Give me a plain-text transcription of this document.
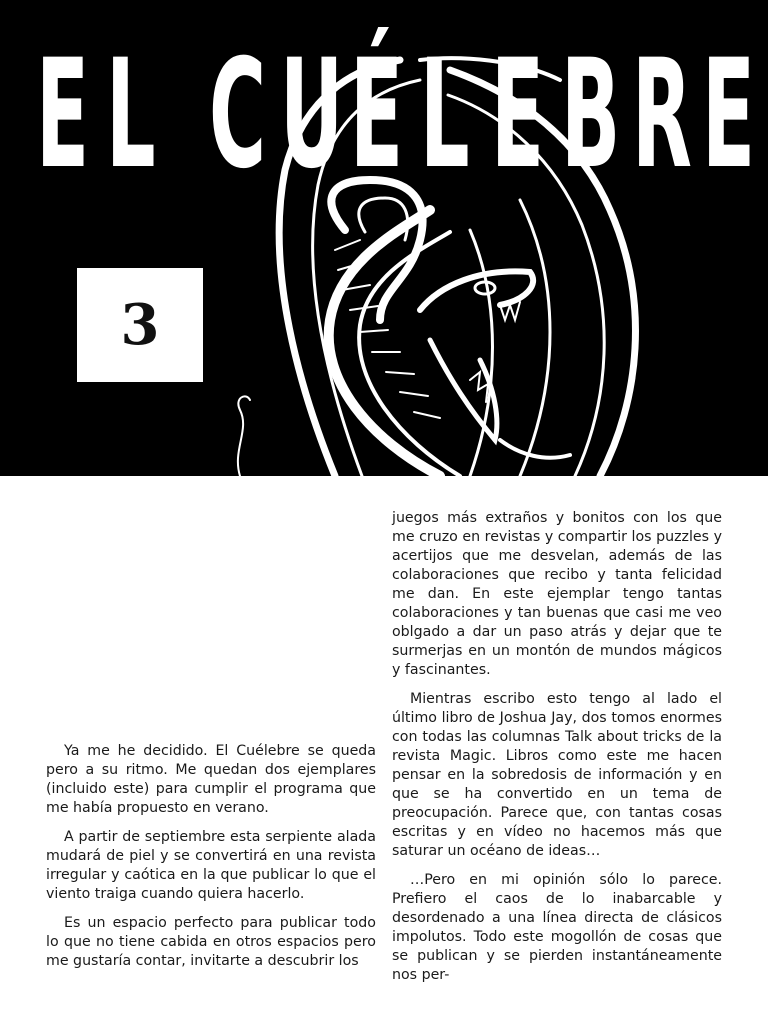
E L C U É L E B R E
3

Ya me he decidido. El Cuélebre se queda pero a su ritmo. Me quedan dos ejemplares (incluido este) para cumplir el programa que me había propuesto en verano.

A partir de septiembre esta serpiente alada mudará de piel y se convertirá en una revista irregular y caótica en la que publicar lo que el viento traiga cuando quiera hacerlo.

Es un espacio perfecto para publicar todo lo que no tiene cabida en otros espacios pero me gustaría contar, invitarte a descubrir los

juegos más extraños y bonitos con los que me cruzo en revistas y compartir los puzzles y acertijos que me desvelan, además de las colaboraciones que recibo y tanta felicidad me dan. En este ejemplar tengo tantas colaboraciones y tan buenas que casi me veo oblgado a dar un paso atrás y dejar que te surmerjas en un montón de mundos mágicos y fascinantes.

Mientras escribo esto tengo al lado el último libro de Joshua Jay, dos tomos enormes con todas las columnas Talk about tricks de la revista Magic. Libros como este me hacen pensar en la sobredosis de información y en que se ha convertido en un tema de preocupación. Parece que, con tantas cosas escritas y en vídeo no hacemos más que saturar un océano de ideas…

…Pero en mi opinión sólo lo parece. Prefiero el caos de lo inabarcable y desordenado a una línea directa de clásicos impolutos. Todo este mogollón de cosas que se publican y se pierden instantáneamente nos per-
